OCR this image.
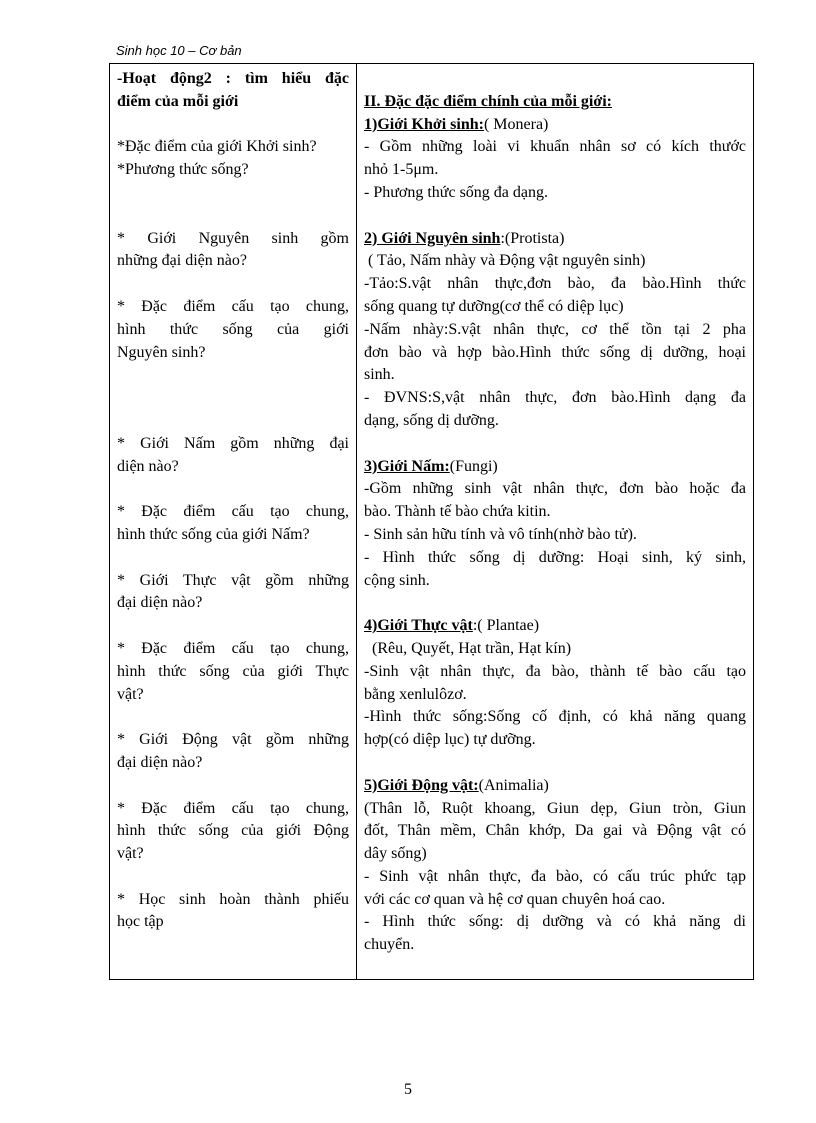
Sinh học 10 – Cơ bản
-Hoạt động2 : tìm hiểu đặc
điểm của mỗi giới
*Đặc điểm của giới Khởi sinh?
*Phương thức sống?
* Giới Nguyên sinh gồm
những đại diện nào?
* Đặc điểm cấu tạo chung,
hình thức sống của giới
Nguyên sinh?
* Giới Nấm gồm những đại
diện nào?
* Đặc điểm cấu tạo chung,
hình thức sống của giới Nấm?
* Giới Thực vật gồm những
đại diện nào?
* Đặc điểm cấu tạo chung,
hình thức sống của giới Thực
vật?
* Giới Động vật gồm những
đại diện nào?
* Đặc điểm cấu tạo chung,
hình thức sống của giới Động
vật?
* Học sinh hoàn thành phiếu
học tập
II. Đặc đặc điểm chính của mỗi giới:
1)Giới Khởi sinh:( Monera)
- Gồm những loài vi khuẩn nhân sơ có kích thước
nhỏ 1-5μm.
- Phương thức sống đa dạng.
2) Giới Nguyên sinh:(Protista)
( Tảo, Nấm nhày và Động vật nguyên sinh)
-Tảo:S.vật nhân thực,đơn bào, đa bào.Hình thức
sống quang tự dưỡng(cơ thể có diệp lục)
-Nấm nhày:S.vật nhân thực, cơ thể tồn tại 2 pha
đơn bào và hợp bào.Hình thức sống dị dưỡng, hoại
sinh.
- ĐVNS:S,vật nhân thực, đơn bào.Hình dạng đa
dạng, sống dị dưỡng.
3)Giới Nấm:(Fungi)
-Gồm những sinh vật nhân thực, đơn bào hoặc đa
bào. Thành tế bào chứa kitin.
- Sinh sản hữu tính và vô tính(nhờ bào tử).
- Hình thức sống dị dưỡng: Hoại sinh, ký sinh,
cộng sinh.
4)Giới Thực vật:( Plantae)
(Rêu, Quyết, Hạt trần, Hạt kín)
-Sinh vật nhân thực, đa bào, thành tế bào cấu tạo
bằng xenlulôzơ.
-Hình thức sống:Sống cố định, có khả năng quang
hợp(có diệp lục) tự dưỡng.
5)Giới Động vật:(Animalia)
(Thân lỗ, Ruột khoang, Giun dẹp, Giun tròn, Giun
đốt, Thân mềm, Chân khớp, Da gai và Động vật có
dây sống)
- Sinh vật nhân thực, đa bào, có cấu trúc phức tạp
với các cơ quan và hệ cơ quan chuyên hoá cao.
- Hình thức sống: dị dưỡng và có khả năng di
chuyển.
5
